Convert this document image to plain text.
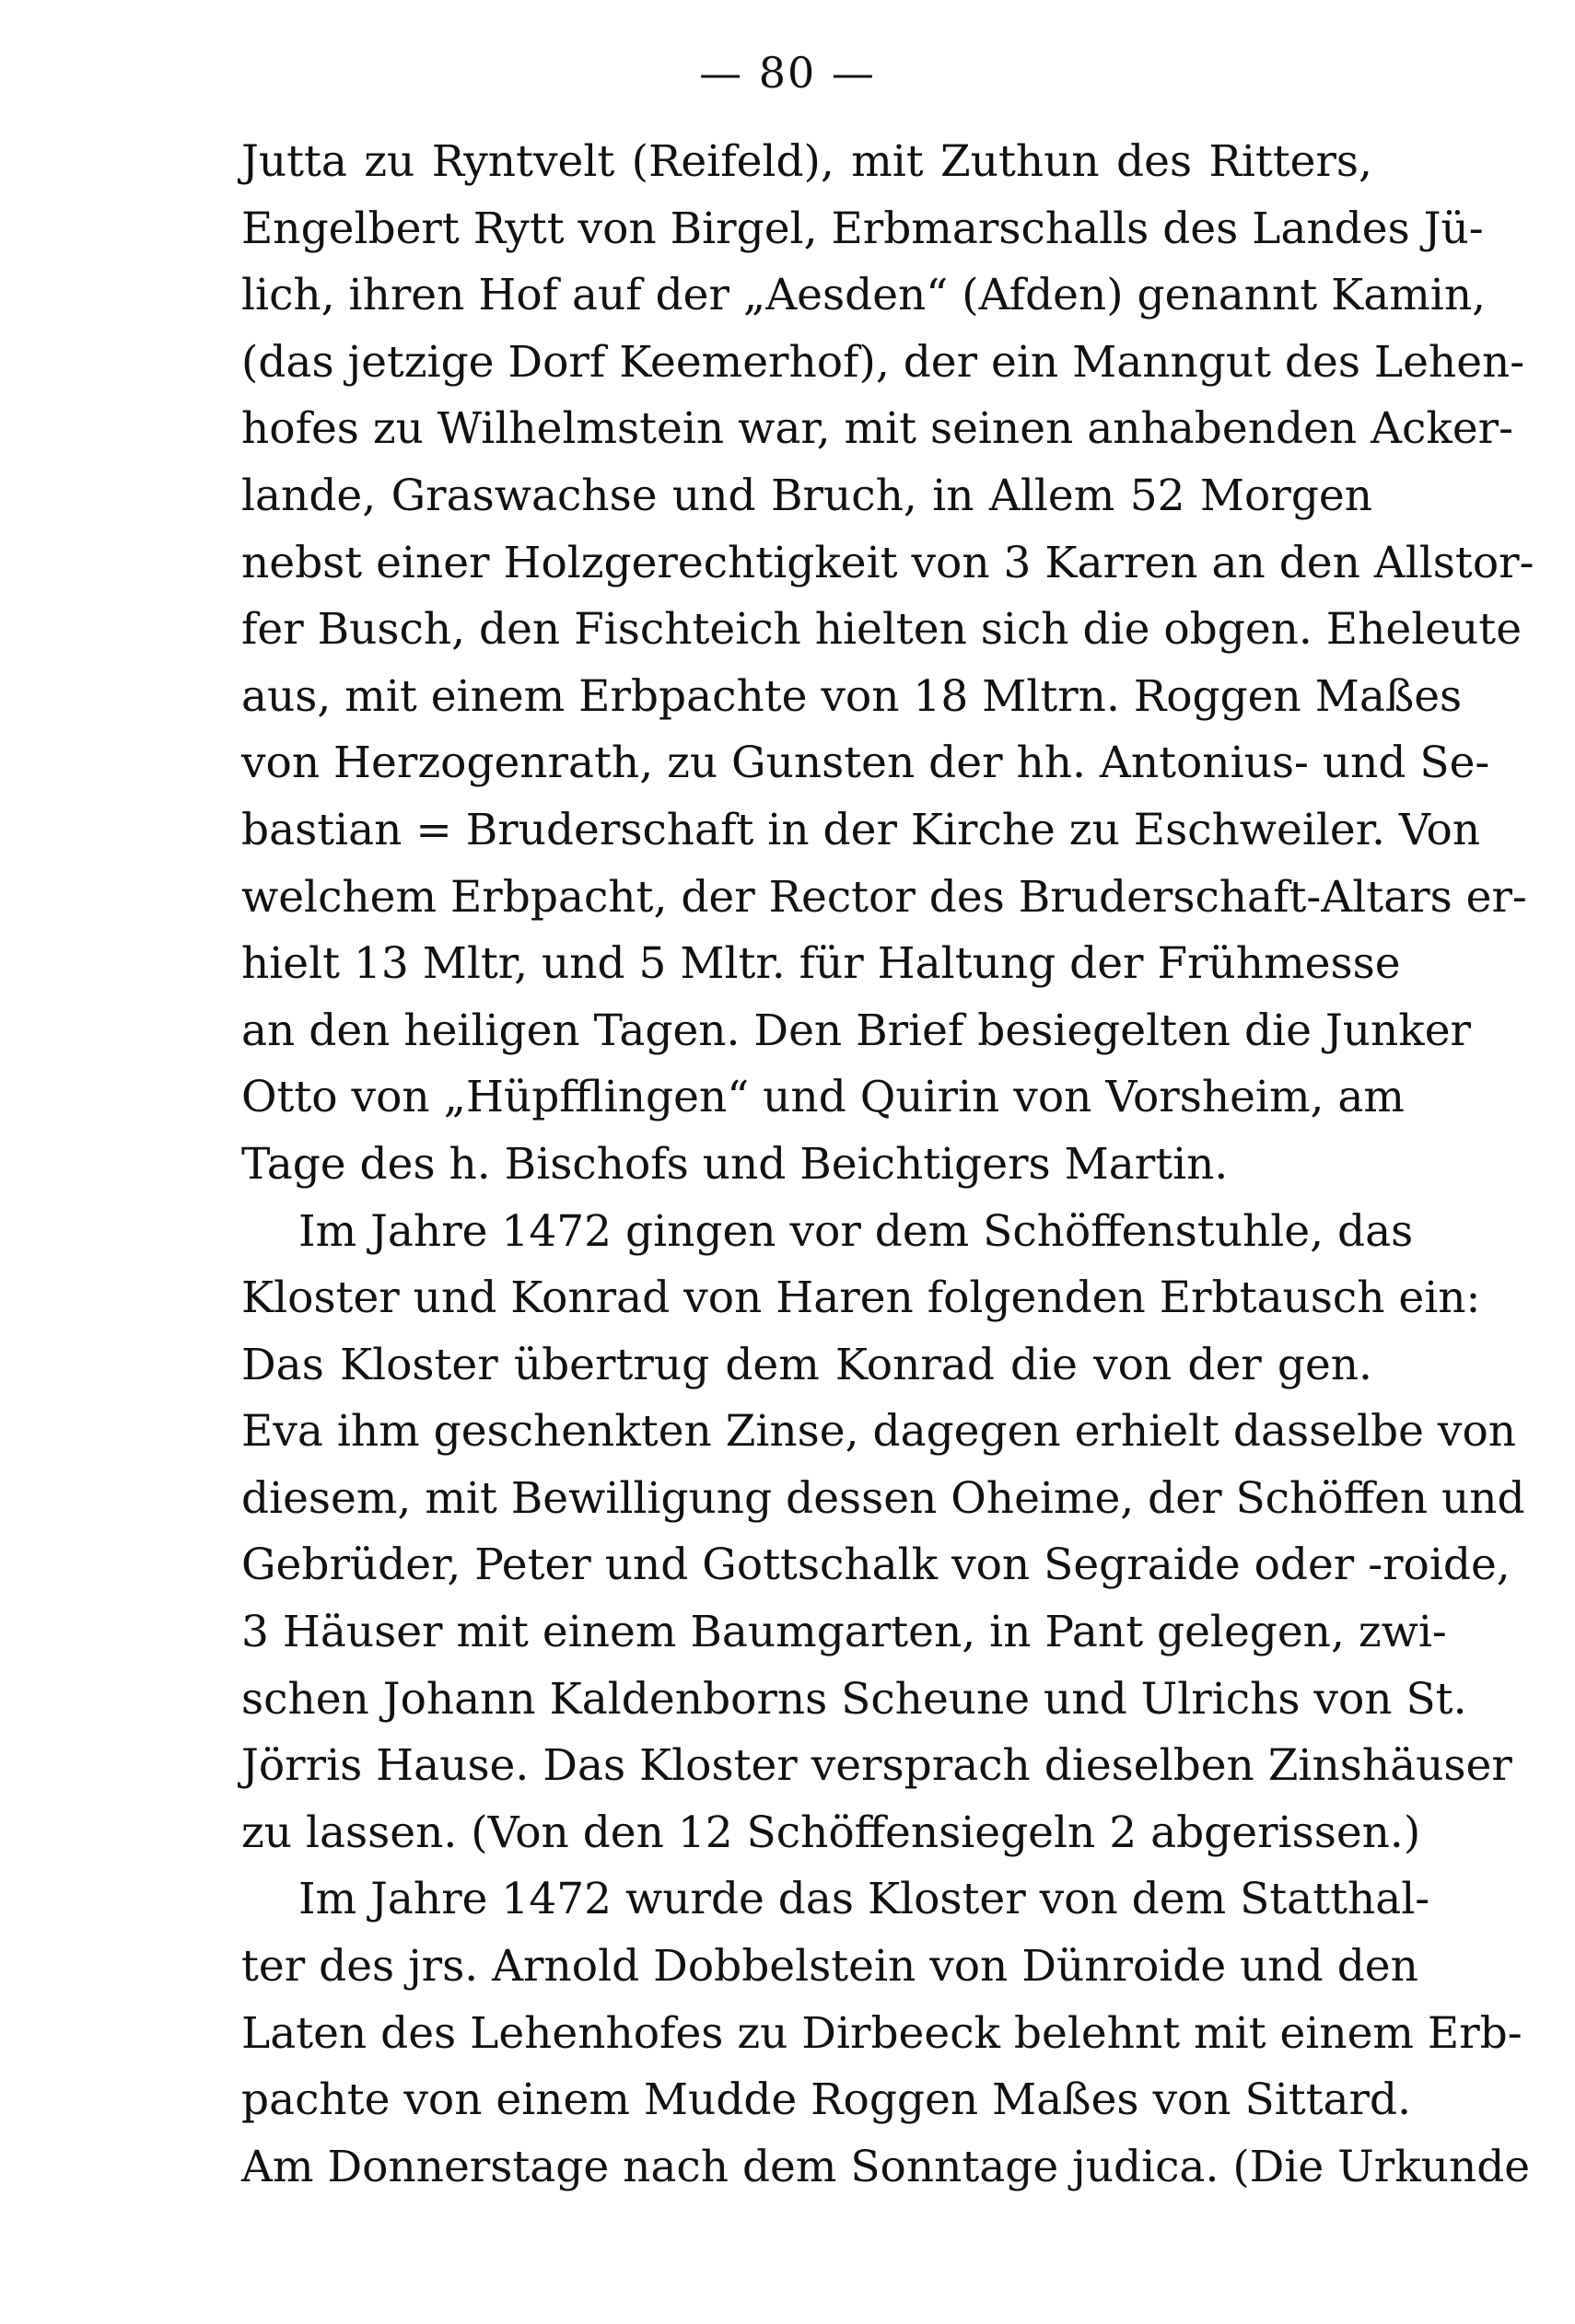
— 80 —
Jutta zu Ryntvelt (Reifeld), mit Zuthun des Ritters,
Engelbert Rytt von Birgel, Erbmarschalls des Landes Jü-
lich, ihren Hof auf der „Aesden“ (Afden) genannt Kamin,
(das jetzige Dorf Keemerhof), der ein Manngut des Lehen-
hofes zu Wilhelmstein war, mit seinen anhabenden Acker-
lande, Graswachse und Bruch, in Allem 52 Morgen
nebst einer Holzgerechtigkeit von 3 Karren an den Allstor-
fer Busch, den Fischteich hielten sich die obgen. Eheleute
aus, mit einem Erbpachte von 18 Mltrn. Roggen Maßes
von Herzogenrath, zu Gunsten der hh. Antonius- und Se-
bastian = Bruderschaft in der Kirche zu Eschweiler. Von
welchem Erbpacht, der Rector des Bruderschaft-Altars er-
hielt 13 Mltr, und 5 Mltr. für Haltung der Frühmesse
an den heiligen Tagen. Den Brief besiegelten die Junker
Otto von „Hüpfflingen“ und Quirin von Vorsheim, am
Tage des h. Bischofs und Beichtigers Martin.
Im Jahre 1472 gingen vor dem Schöffenstuhle, das
Kloster und Konrad von Haren folgenden Erbtausch ein:
Das Kloster übertrug dem Konrad die von der gen.
Eva ihm geschenkten Zinse, dagegen erhielt dasselbe von
diesem, mit Bewilligung dessen Oheime, der Schöffen und
Gebrüder, Peter und Gottschalk von Segraide oder -roide,
3 Häuser mit einem Baumgarten, in Pant gelegen, zwi-
schen Johann Kaldenborns Scheune und Ulrichs von St.
Jörris Hause. Das Kloster versprach dieselben Zinshäuser
zu lassen. (Von den 12 Schöffensiegeln 2 abgerissen.)
Im Jahre 1472 wurde das Kloster von dem Statthal-
ter des jrs. Arnold Dobbelstein von Dünroide und den
Laten des Lehenhofes zu Dirbeeck belehnt mit einem Erb-
pachte von einem Mudde Roggen Maßes von Sittard.
Am Donnerstage nach dem Sonntage judica. (Die Urkunde
